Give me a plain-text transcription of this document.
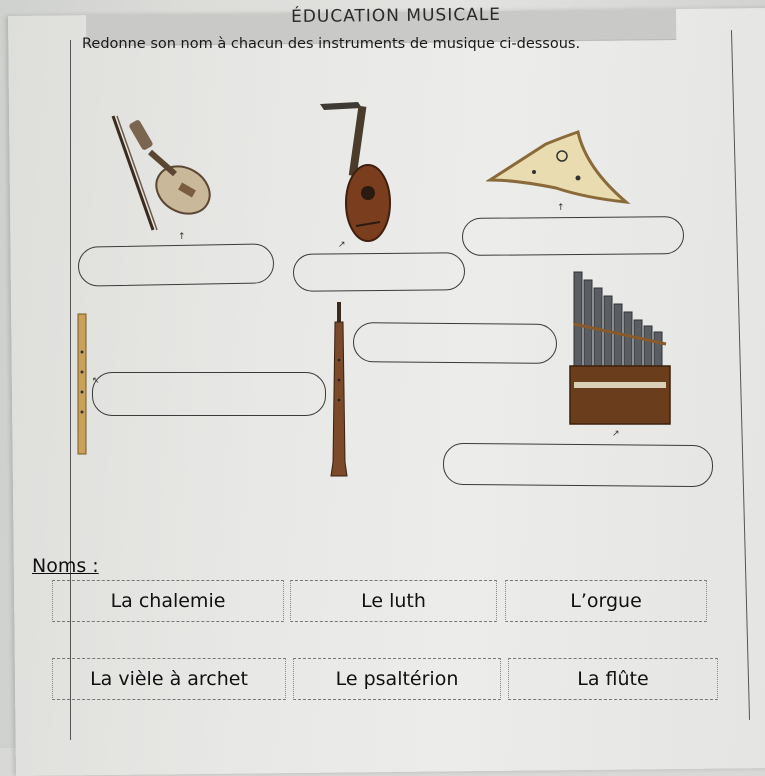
ÉDUCATION MUSICALE
Redonne son nom à chacun des instruments de musique ci-dessous.
↑
↗
↑
↖
↗
Noms :
La chalemie	Le luth	L’orgue
La vièle à archet	Le psaltérion	La flûte
